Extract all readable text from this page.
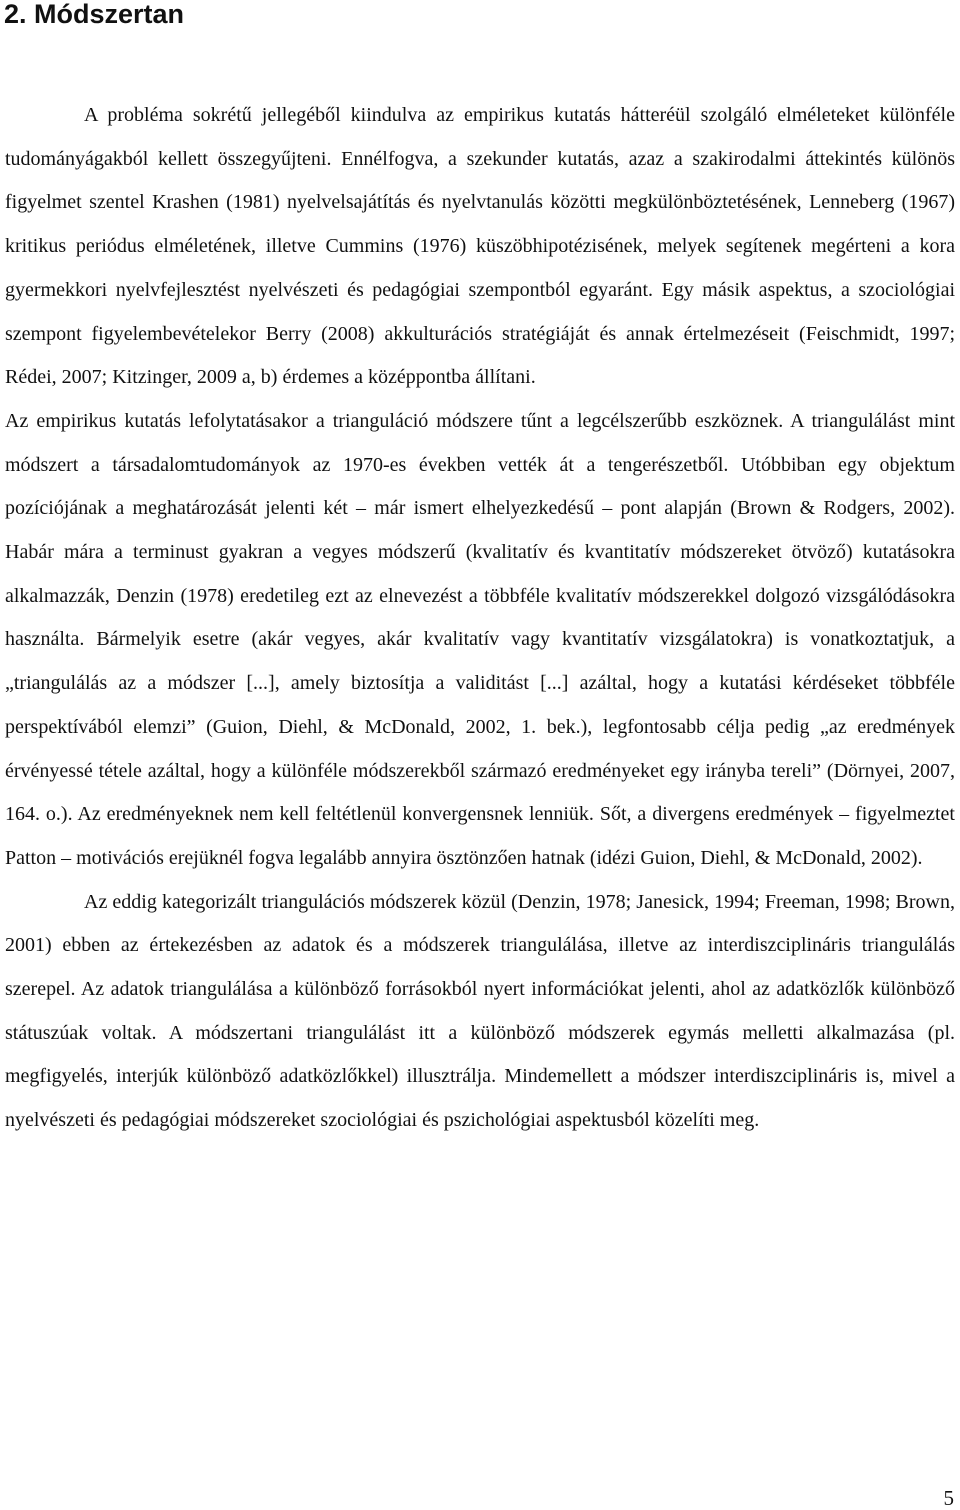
2. Módszertan

A probléma sokrétű jellegéből kiindulva az empirikus kutatás hátteréül szolgáló elméleteket különféle tudományágakból kellett összegyűjteni. Ennélfogva, a szekunder kutatás, azaz a szakirodalmi áttekintés különös figyelmet szentel Krashen (1981) nyelvelsajátítás és nyelvtanulás közötti megkülönböztetésének, Lenneberg (1967) kritikus periódus elméletének, illetve Cummins (1976) küszöbhipotézisének, melyek segítenek megérteni a kora gyermekkori nyelvfejlesztést nyelvészeti és pedagógiai szempontból egyaránt. Egy másik aspektus, a szociológiai szempont figyelembevételekor Berry (2008) akkulturációs stratégiáját és annak értelmezéseit (Feischmidt, 1997; Rédei, 2007; Kitzinger, 2009 a, b) érdemes a középpontba állítani.

Az empirikus kutatás lefolytatásakor a trianguláció módszere tűnt a legcélszerűbb eszköznek. A triangulálást mint módszert a társadalomtudományok az 1970-es években vették át a tengerészetből. Utóbbiban egy objektum pozíciójának a meghatározását jelenti két – már ismert elhelyezkedésű – pont alapján (Brown & Rodgers, 2002). Habár mára a terminust gyakran a vegyes módszerű (kvalitatív és kvantitatív módszereket ötvöző) kutatásokra alkalmazzák, Denzin (1978) eredetileg ezt az elnevezést a többféle kvalitatív módszerekkel dolgozó vizsgálódásokra használta. Bármelyik esetre (akár vegyes, akár kvalitatív vagy kvantitatív vizsgálatokra) is vonatkoztatjuk, a „triangulálás az a módszer [...], amely biztosítja a validitást [...] azáltal, hogy a kutatási kérdéseket többféle perspektívából elemzi” (Guion, Diehl, & McDonald, 2002, 1. bek.), legfontosabb célja pedig „az eredmények érvényessé tétele azáltal, hogy a különféle módszerekből származó eredményeket egy irányba tereli” (Dörnyei, 2007, 164. o.). Az eredményeknek nem kell feltétlenül konvergensnek lenniük. Sőt, a divergens eredmények – figyelmeztet Patton – motivációs erejüknél fogva legalább annyira ösztönzően hatnak (idézi Guion, Diehl, & McDonald, 2002).

Az eddig kategorizált triangulációs módszerek közül (Denzin, 1978; Janesick, 1994; Freeman, 1998; Brown, 2001) ebben az értekezésben az adatok és a módszerek triangulálása, illetve az interdiszciplináris triangulálás szerepel. Az adatok triangulálása a különböző forrásokból nyert információkat jelenti, ahol az adatközlők különböző státuszúak voltak. A módszertani triangulálást itt a különböző módszerek egymás melletti alkalmazása (pl. megfigyelés, interjúk különböző adatközlőkkel) illusztrálja. Mindemellett a módszer interdiszciplináris is, mivel a nyelvészeti és pedagógiai módszereket szociológiai és pszichológiai aspektusból közelíti meg.

5
